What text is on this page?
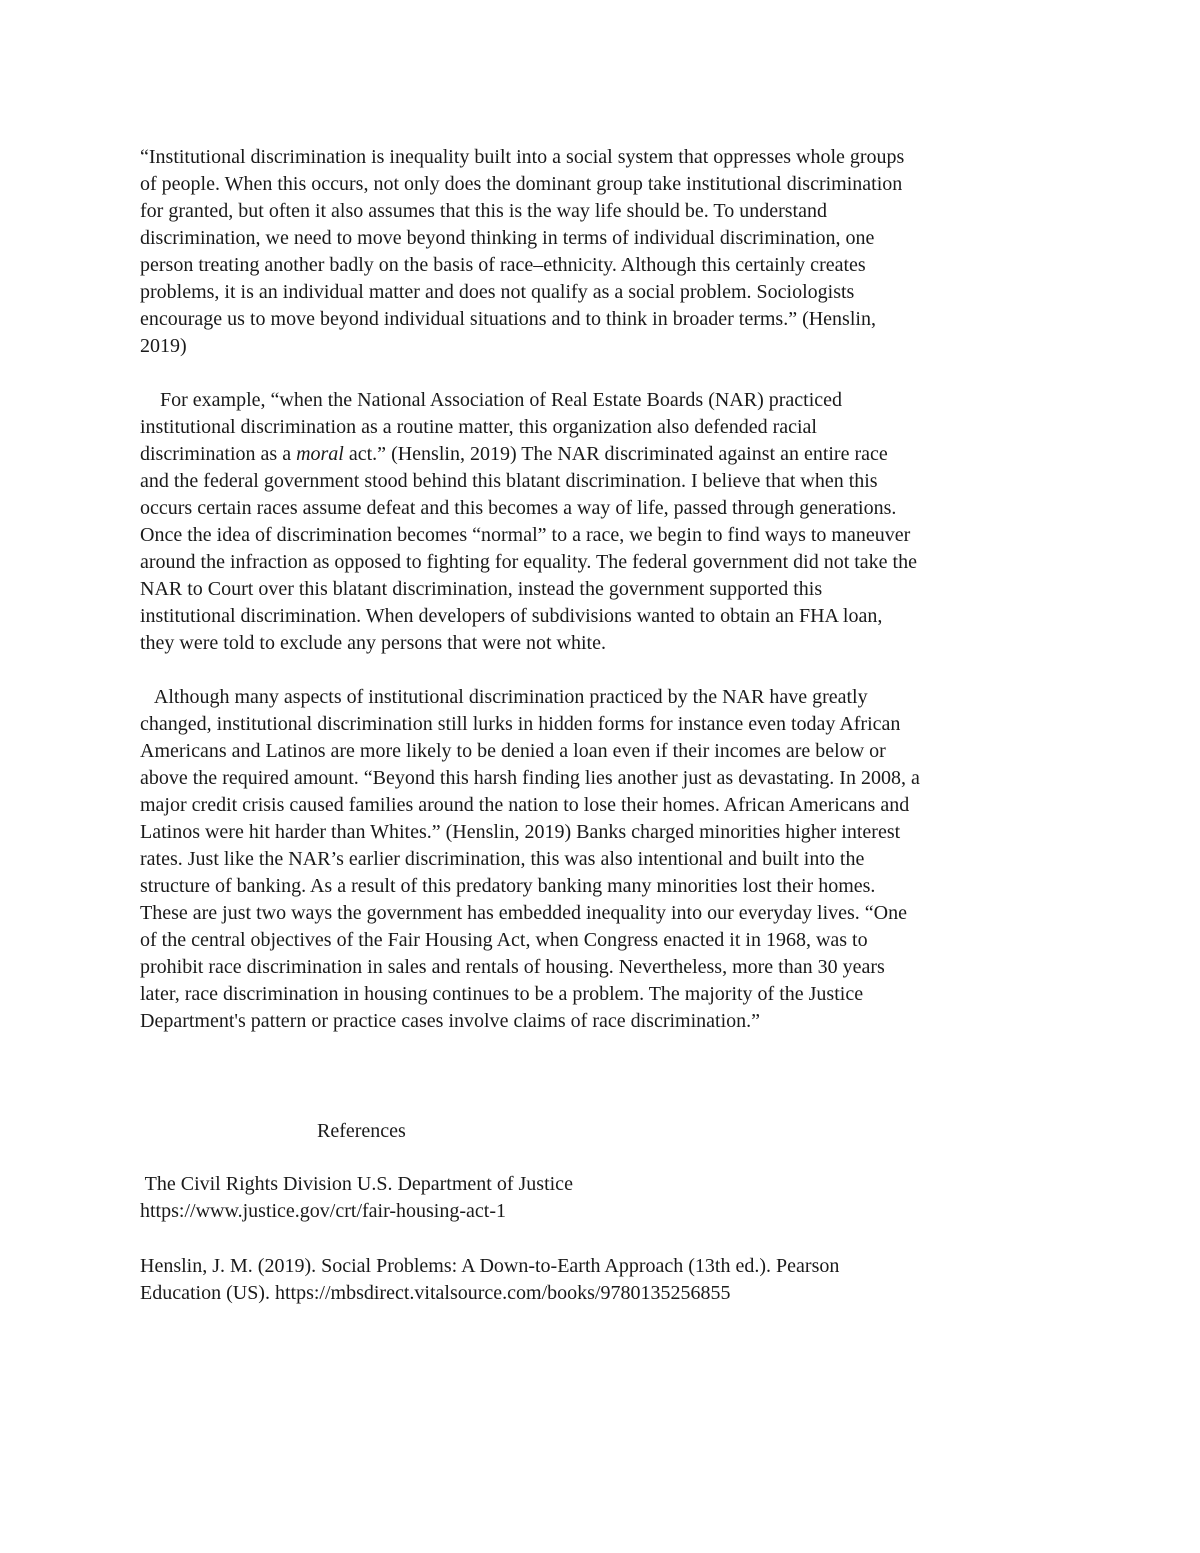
“Institutional discrimination is inequality built into a social system that oppresses whole groups
of people. When this occurs, not only does the dominant group take institutional discrimination
for granted, but often it also assumes that this is the way life should be. To understand
discrimination, we need to move beyond thinking in terms of individual discrimination, one
person treating another badly on the basis of race–ethnicity. Although this certainly creates
problems, it is an individual matter and does not qualify as a social problem. Sociologists
encourage us to move beyond individual situations and to think in broader terms.” (Henslin,
2019)
For example, “when the National Association of Real Estate Boards (NAR) practiced
institutional discrimination as a routine matter, this organization also defended racial
discrimination as a moral act.” (Henslin, 2019) The NAR discriminated against an entire race
and the federal government stood behind this blatant discrimination. I believe that when this
occurs certain races assume defeat and this becomes a way of life, passed through generations.
Once the idea of discrimination becomes “normal” to a race, we begin to find ways to maneuver
around the infraction as opposed to fighting for equality. The federal government did not take the
NAR to Court over this blatant discrimination, instead the government supported this
institutional discrimination. When developers of subdivisions wanted to obtain an FHA loan,
they were told to exclude any persons that were not white.
Although many aspects of institutional discrimination practiced by the NAR have greatly
changed, institutional discrimination still lurks in hidden forms for instance even today African
Americans and Latinos are more likely to be denied a loan even if their incomes are below or
above the required amount. “Beyond this harsh finding lies another just as devastating. In 2008, a
major credit crisis caused families around the nation to lose their homes. African Americans and
Latinos were hit harder than Whites.” (Henslin, 2019) Banks charged minorities higher interest
rates. Just like the NAR’s earlier discrimination, this was also intentional and built into the
structure of banking. As a result of this predatory banking many minorities lost their homes.
These are just two ways the government has embedded inequality into our everyday lives. “One
of the central objectives of the Fair Housing Act, when Congress enacted it in 1968, was to
prohibit race discrimination in sales and rentals of housing. Nevertheless, more than 30 years
later, race discrimination in housing continues to be a problem. The majority of the Justice
Department's pattern or practice cases involve claims of race discrimination.”
References
The Civil Rights Division U.S. Department of Justice
https://www.justice.gov/crt/fair-housing-act-1
Henslin, J. M. (2019). Social Problems: A Down-to-Earth Approach (13th ed.). Pearson
Education (US). https://mbsdirect.vitalsource.com/books/9780135256855
